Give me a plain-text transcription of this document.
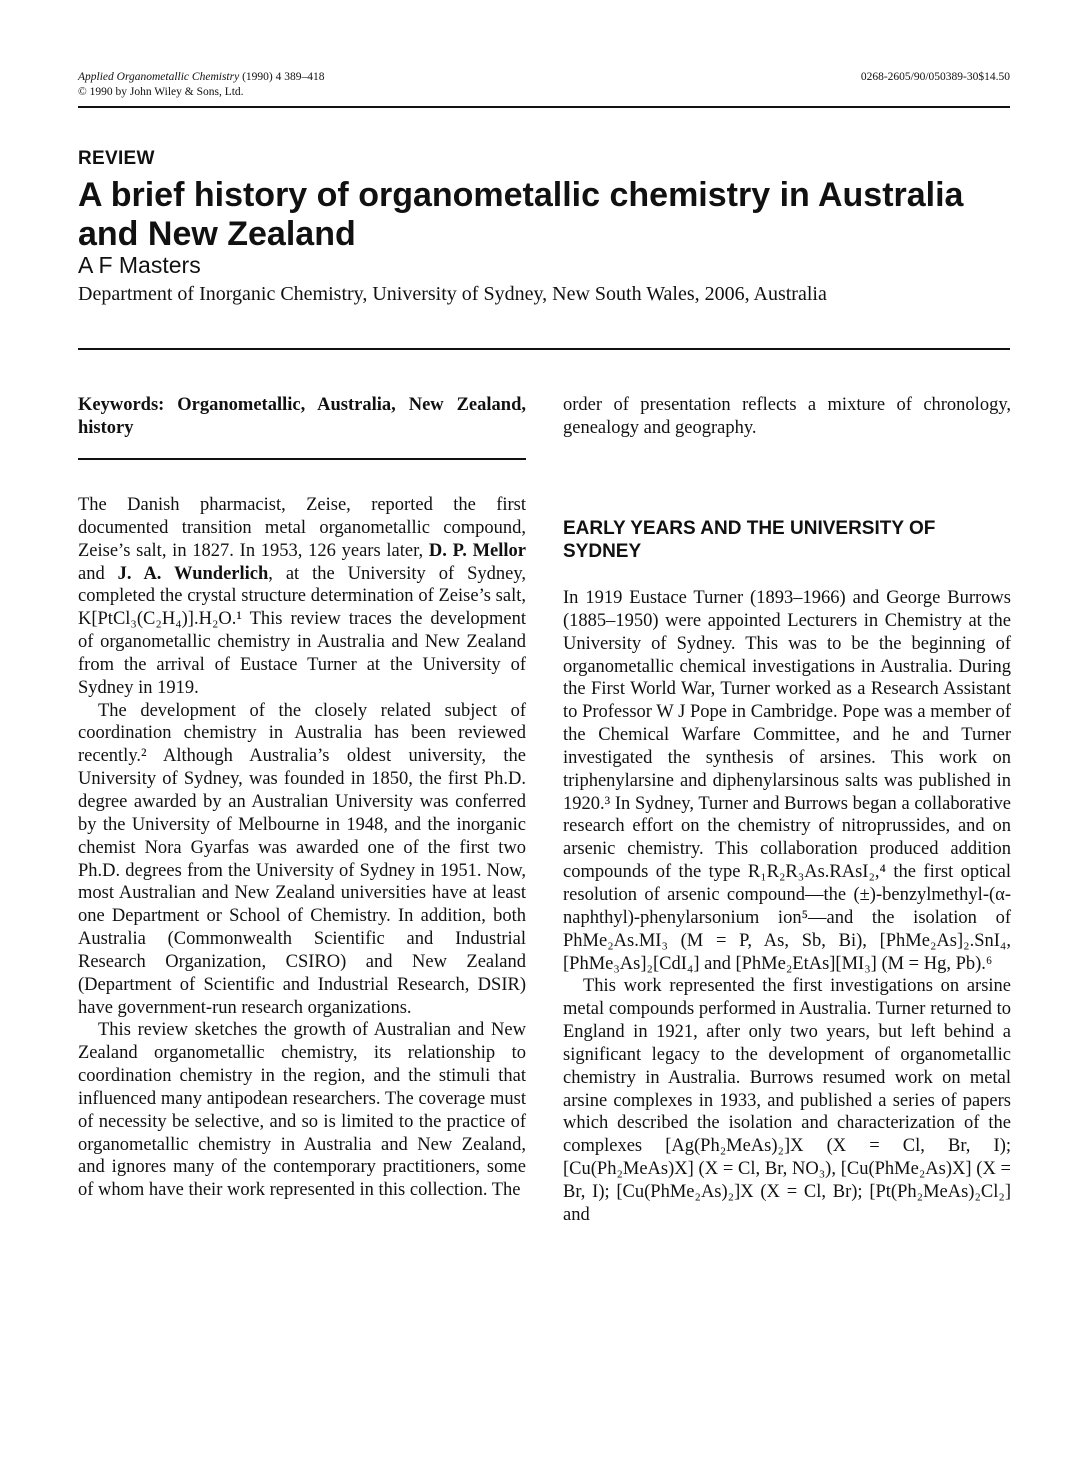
Applied Organometallic Chemistry (1990) 4 389–418
© 1990 by John Wiley & Sons, Ltd.
0268-2605/90/050389-30$14.50
REVIEW
A brief history of organometallic chemistry in Australia and New Zealand
A F Masters
Department of Inorganic Chemistry, University of Sydney, New South Wales, 2006, Australia
Keywords: Organometallic, Australia, New Zealand, history

The Danish pharmacist, Zeise, reported the first documented transition metal organometallic compound, Zeise’s salt, in 1827. In 1953, 126 years later, D. P. Mellor and J. A. Wunderlich, at the University of Sydney, completed the crystal structure determination of Zeise’s salt, K[PtCl₃(C₂H₄)].H₂O.¹ This review traces the development of organometallic chemistry in Australia and New Zealand from the arrival of Eustace Turner at the University of Sydney in 1919.

The development of the closely related subject of coordination chemistry in Australia has been reviewed recently.² Although Australia’s oldest university, the University of Sydney, was founded in 1850, the first Ph.D. degree awarded by an Australian University was conferred by the University of Melbourne in 1948, and the inorganic chemist Nora Gyarfas was awarded one of the first two Ph.D. degrees from the University of Sydney in 1951. Now, most Australian and New Zealand universities have at least one Department or School of Chemistry. In addition, both Australia (Commonwealth Scientific and Industrial Research Organization, CSIRO) and New Zealand (Department of Scientific and Industrial Research, DSIR) have government-run research organizations.

This review sketches the growth of Australian and New Zealand organometallic chemistry, its relationship to coordination chemistry in the region, and the stimuli that influenced many antipodean researchers. The coverage must of necessity be selective, and so is limited to the practice of organometallic chemistry in Australia and New Zealand, and ignores many of the contemporary practitioners, some of whom have their work represented in this collection. The

order of presentation reflects a mixture of chronology, genealogy and geography.

EARLY YEARS AND THE UNIVERSITY OF SYDNEY

In 1919 Eustace Turner (1893–1966) and George Burrows (1885–1950) were appointed Lecturers in Chemistry at the University of Sydney. This was to be the beginning of organometallic chemical investigations in Australia. During the First World War, Turner worked as a Research Assistant to Professor W J Pope in Cambridge. Pope was a member of the Chemical Warfare Committee, and he and Turner investigated the synthesis of arsines. This work on triphenylarsine and diphenylarsinous salts was published in 1920.³ In Sydney, Turner and Burrows began a collaborative research effort on the chemistry of nitroprussides, and on arsenic chemistry. This collaboration produced addition compounds of the type R₁R₂R₃As.RAsI₂,⁴ the first optical resolution of arsenic compound—the (±)-benzylmethyl-(α-naphthyl)-phenylarsonium ion⁵—and the isolation of PhMe₂As.MI₃ (M = P, As, Sb, Bi), [PhMe₂As]₂.SnI₄, [PhMe₃As]₂[CdI₄] and [PhMe₂EtAs][MI₃] (M = Hg, Pb).⁶

This work represented the first investigations on arsine metal compounds performed in Australia. Turner returned to England in 1921, after only two years, but left behind a significant legacy to the development of organometallic chemistry in Australia. Burrows resumed work on metal arsine complexes in 1933, and published a series of papers which described the isolation and characterization of the complexes [Ag(Ph₂MeAs)₂]X (X = Cl, Br, I); [Cu(Ph₂MeAs)X] (X = Cl, Br, NO₃), [Cu(PhMe₂As)X] (X = Br, I); [Cu(PhMe₂As)₂]X (X = Cl, Br); [Pt(Ph₂MeAs)₂Cl₂] and
